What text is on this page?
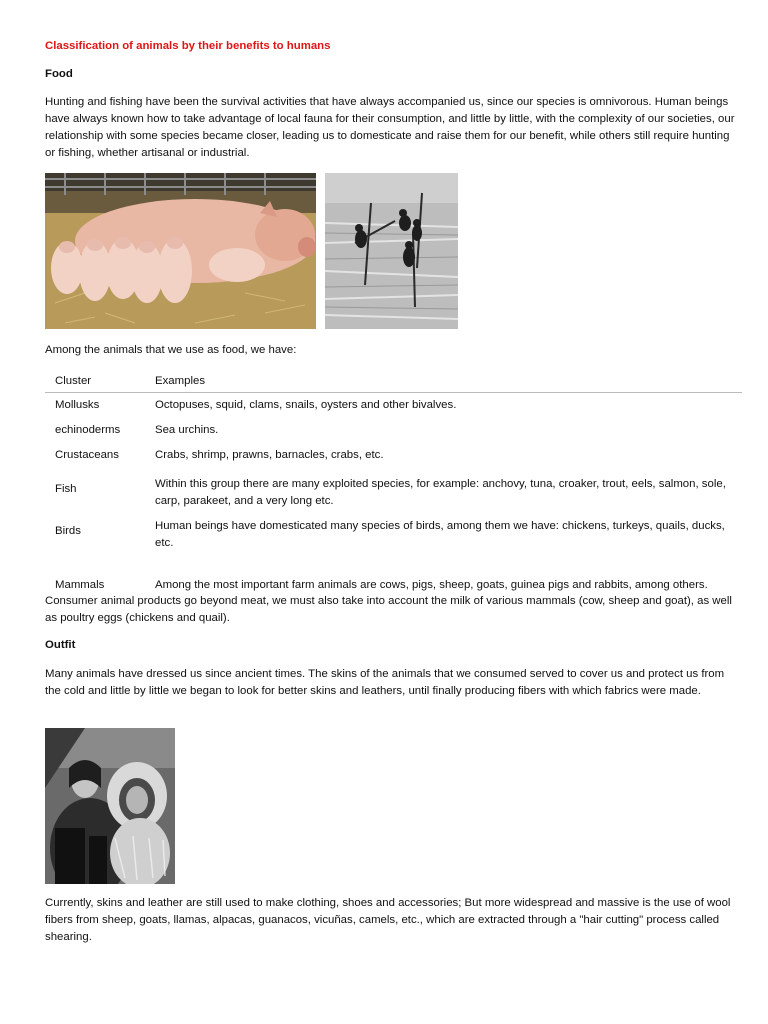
Classification of animals by their benefits to humans
Food
Hunting and fishing have been the survival activities that have always accompanied us, since our species is omnivorous. Human beings have always known how to take advantage of local fauna for their consumption, and little by little, with the complexity of our societies, our relationship with some species became closer, leading us to domesticate and raise them for our benefit, while others still require hunting or fishing, whether artisanal or industrial.
Among the animals that we use as food, we have:
Cluster	Examples
Mollusks	Octopuses, squid, clams, snails, oysters and other bivalves.
echinoderms	Sea urchins.
Crustaceans	Crabs, shrimp, prawns, barnacles, crabs, etc.
Fish	Within this group there are many exploited species, for example: anchovy, tuna, croaker, trout, eels, salmon, sole, carp, parakeet, and a very long etc.
Birds	Human beings have domesticated many species of birds, among them we have: chickens, turkeys, quails, ducks, etc.
Mammals	Among the most important farm animals are cows, pigs, sheep, goats, guinea pigs and rabbits, among others.
Consumer animal products go beyond meat, we must also take into account the milk of various mammals (cow, sheep and goat), as well as poultry eggs (chickens and quail).
Outfit
Many animals have dressed us since ancient times. The skins of the animals that we consumed served to cover us and protect us from the cold and little by little we began to look for better skins and leathers, until finally producing fibers with which fabrics were made.
Currently, skins and leather are still used to make clothing, shoes and accessories; But more widespread and massive is the use of wool fibers from sheep, goats, llamas, alpacas, guanacos, vicuñas, camels, etc., which are extracted through a "hair cutting" process called shearing.
